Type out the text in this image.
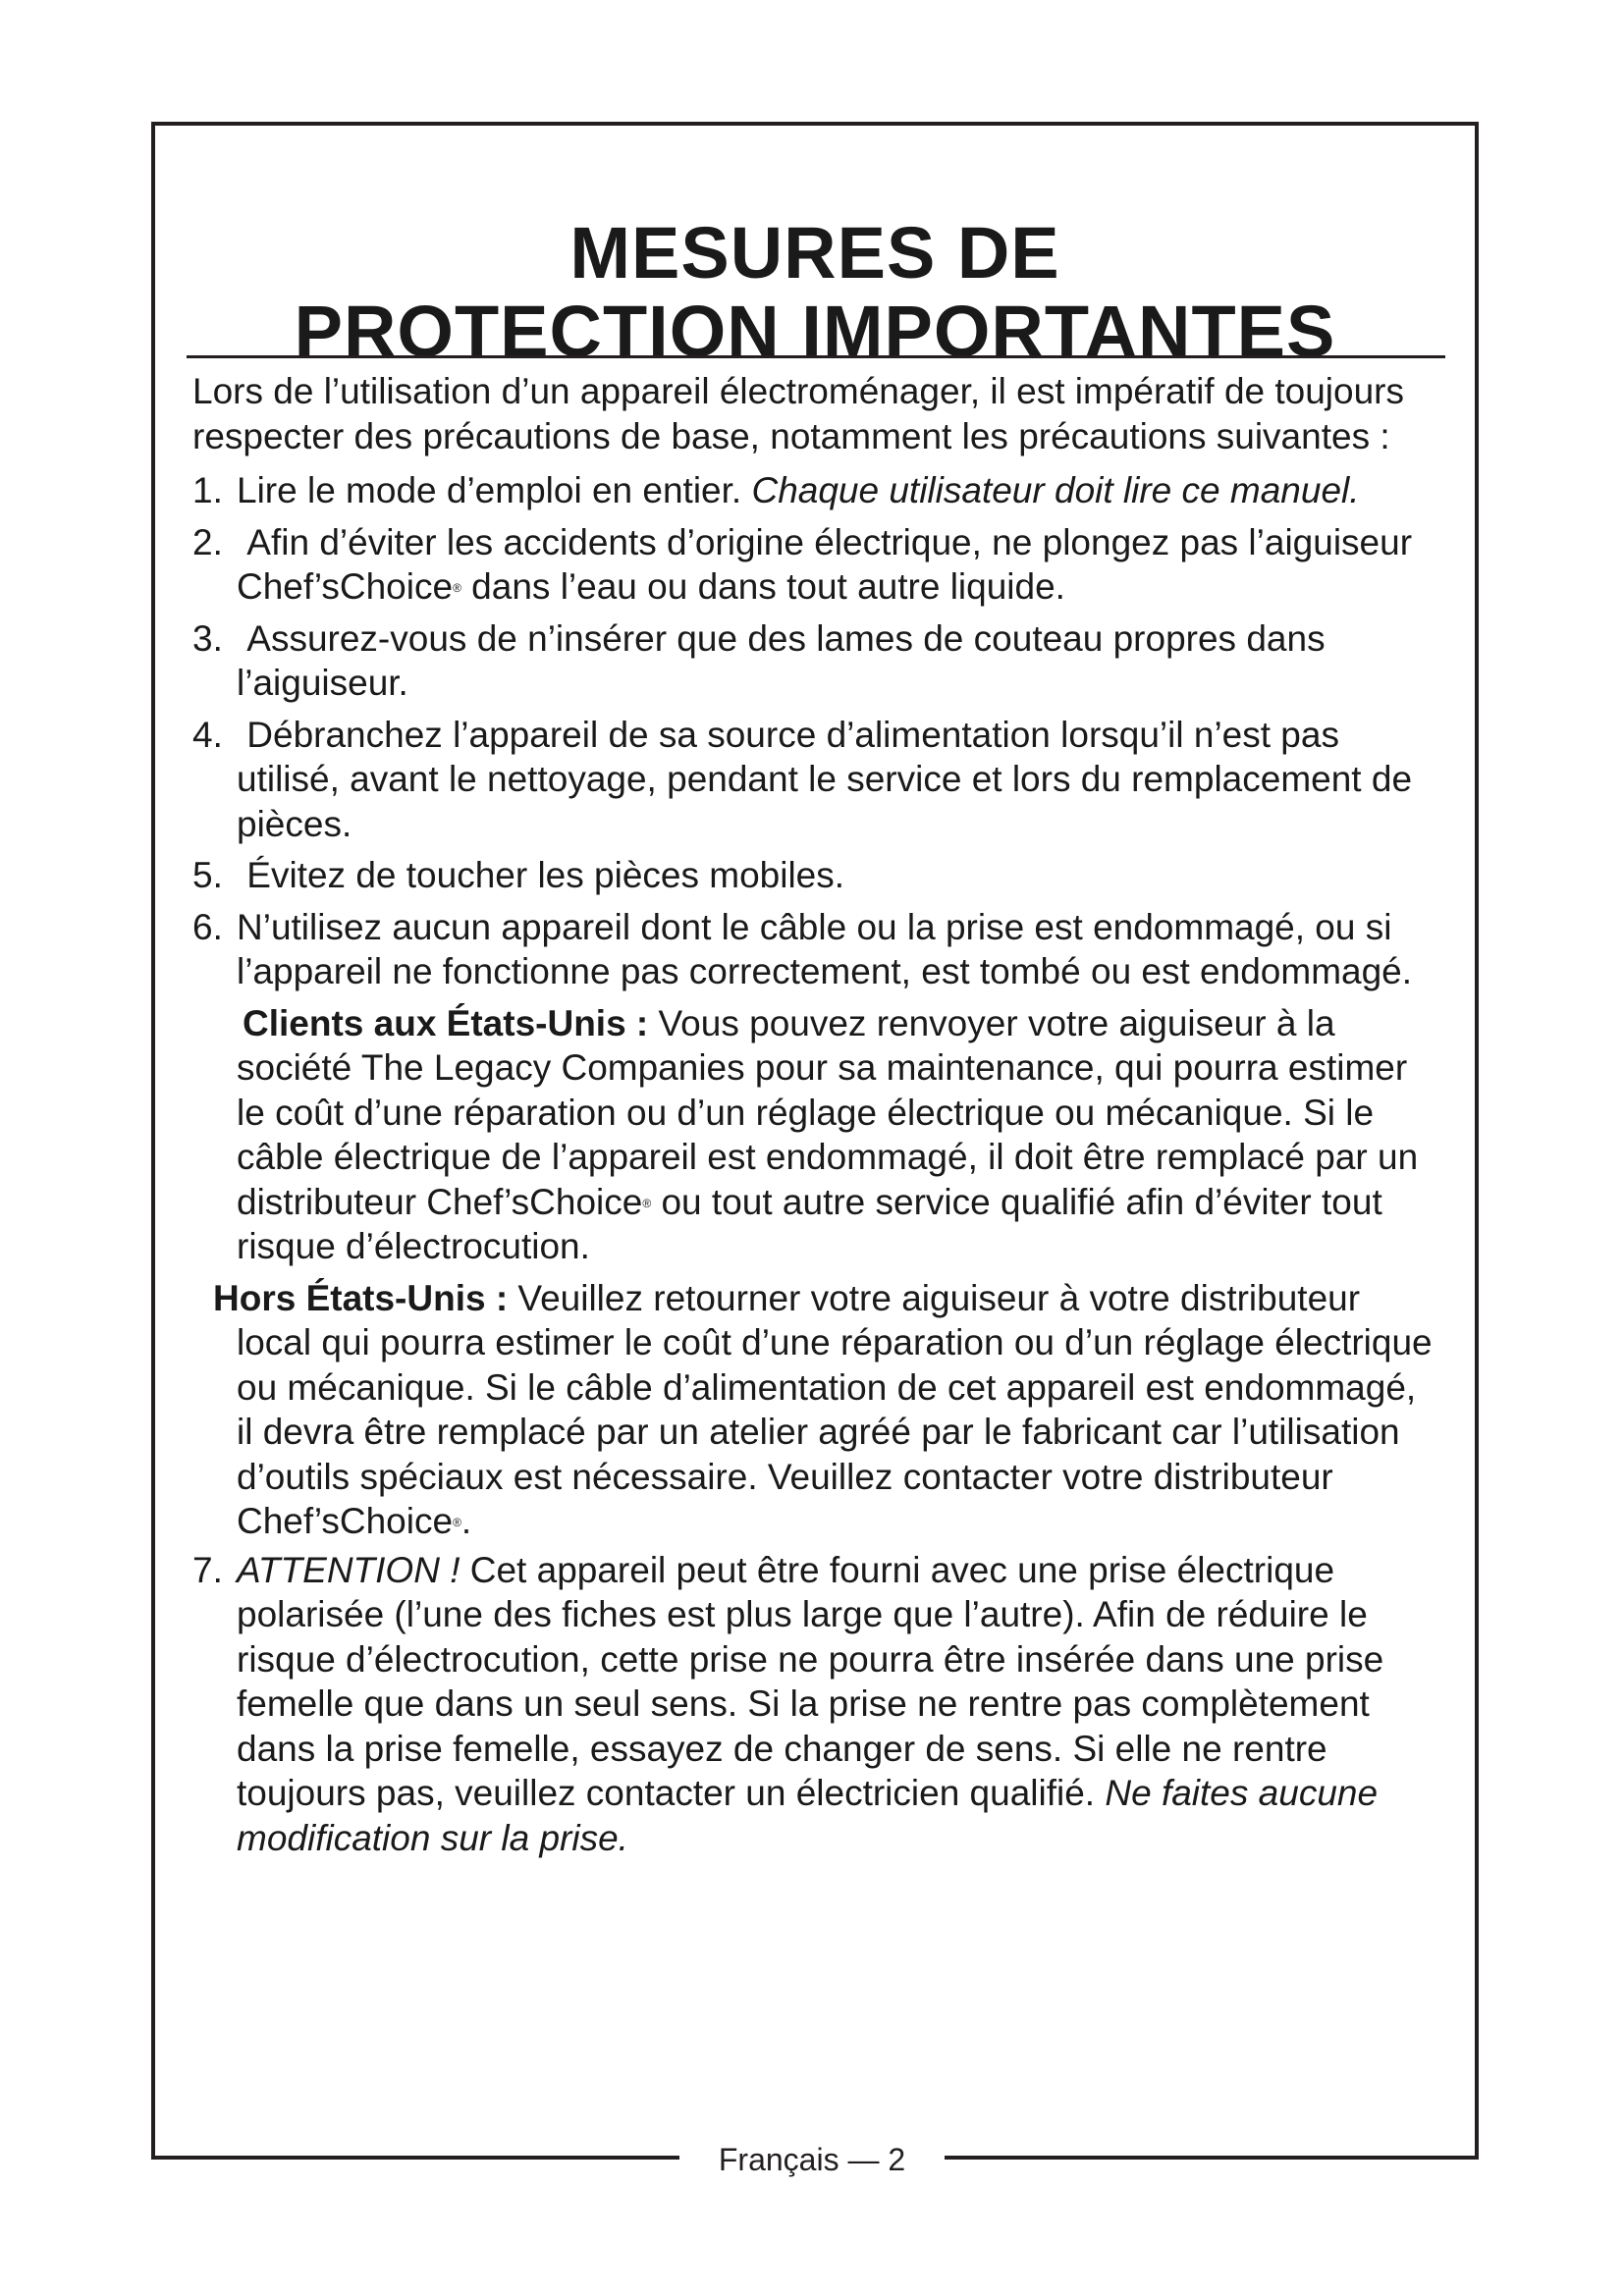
MESURES DE
PROTECTION IMPORTANTES

Lors de l’utilisation d’un appareil électroménager, il est impératif de toujours respecter des précautions de base, notamment les précautions suivantes :

1. Lire le mode d’emploi en entier. Chaque utilisateur doit lire ce manuel.
2. Afin d’éviter les accidents d’origine électrique, ne plongez pas l’aiguiseur Chef’sChoice® dans l’eau ou dans tout autre liquide.
3. Assurez-vous de n’insérer que des lames de couteau propres dans l’aiguiseur.
4. Débranchez l’appareil de sa source d’alimentation lorsqu’il n’est pas utilisé, avant le nettoyage, pendant le service et lors du remplacement de pièces.
5. Évitez de toucher les pièces mobiles.
6. N’utilisez aucun appareil dont le câble ou la prise est endommagé, ou si l’appareil ne fonctionne pas correctement, est tombé ou est endommagé.
Clients aux États-Unis : Vous pouvez renvoyer votre aiguiseur à la société The Legacy Companies pour sa maintenance, qui pourra estimer le coût d’une réparation ou d’un réglage électrique ou mécanique. Si le câble électrique de l’appareil est endommagé, il doit être remplacé par un distributeur Chef’sChoice® ou tout autre service qualifié afin d’éviter tout risque d’électrocution.
Hors États-Unis : Veuillez retourner votre aiguiseur à votre distributeur local qui pourra estimer le coût d’une réparation ou d’un réglage électrique ou mécanique. Si le câble d’alimentation de cet appareil est endommagé, il devra être remplacé par un atelier agréé par le fabricant car l’utilisation d’outils spéciaux est nécessaire. Veuillez contacter votre distributeur Chef’sChoice®.
7. ATTENTION ! Cet appareil peut être fourni avec une prise électrique polarisée (l’une des fiches est plus large que l’autre). Afin de réduire le risque d’électrocution, cette prise ne pourra être insérée dans une prise femelle que dans un seul sens. Si la prise ne rentre pas complètement dans la prise femelle, essayez de changer de sens. Si elle ne rentre toujours pas, veuillez contacter un électricien qualifié. Ne faites aucune modification sur la prise.
Français — 2
